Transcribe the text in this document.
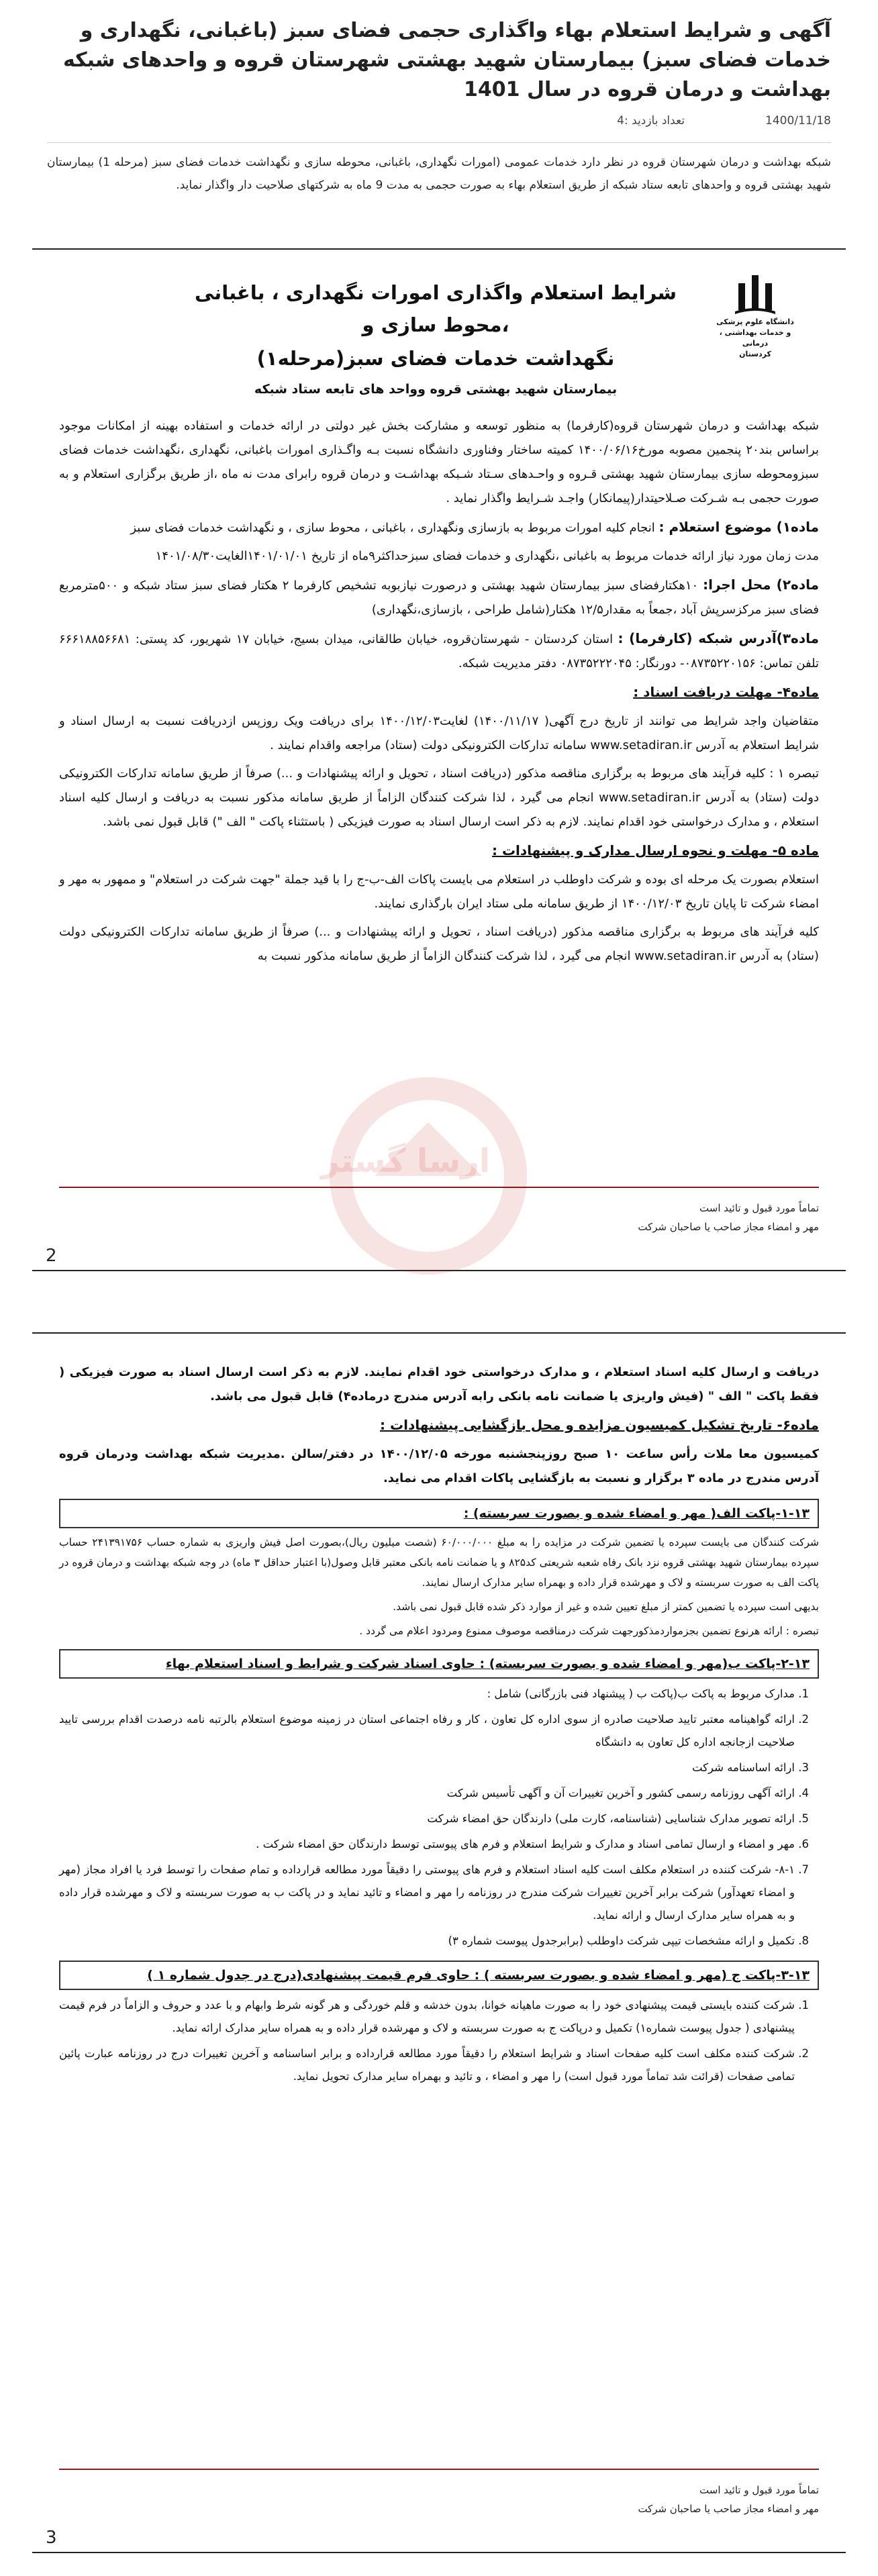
آگهی و شرایط استعلام بهاء واگذاری حجمی فضای سبز (باغبانی، نگهداری و خدمات فضای سبز) بیمارستان شهید بهشتی شهرستان قروه و واحدهای شبکه بهداشت و درمان قروه در سال 1401
1400/11/18
تعداد بازدید :4
شبکه بهداشت و درمان شهرستان قروه در نظر دارد خدمات عمومی (امورات نگهداری، باغبانی، محوطه سازی و نگهداشت خدمات فضای سبز (مرحله 1) بیمارستان شهید بهشتی قروه و واحدهای تابعه ستاد شبکه از طریق استعلام بهاء به صورت حجمی به مدت 9 ماه به شرکتهای صلاحیت دار واگذار نماید.
دانشگاه علوم پزشکی
و خدمات بهداشتی ، درمانی
کردستان
شرایط استعلام واگذاری امورات نگهداری ، باغبانی ،محوط سازی و
نگهداشت خدمات فضای سبز(مرحله۱)
بیمارستان شهید بهشتی قروه وواحد های تابعه ستاد شبکه
ارسا گستر

شبکه بهداشت و درمان شهرستان قروه(کارفرما) به منظور توسعه و مشارکت بخش غیر دولتی در ارائه خدمات و استفاده بهینه از امکانات موجود براساس بند۲۰ پنجمین مصوبه مورخ۱۴۰۰/۰۶/۱۶ کمیته ساختار وفناوری دانشگاه نسبت بـه واگـذاری امورات باغبانی، نگهداری ،نگهداشت خدمات فضای سبزومحوطه سازی بیمارستان شهید بهشتی قـروه و واحـدهای سـتاد شـبکه بهداشـت و درمان قروه رابرای مدت نه ماه ،از طریق برگزاری استعلام و به صورت حجمی بـه شـرکت صـلاحیتدار(پیمانکار) واجـد شـرایط واگذار نماید .

ماده۱) موضوع استعلام : انجام کلیه امورات مربوط به بازسازی ونگهداری ، باغبانی ، محوط سازی ، و نگهداشت خدمات فضای سبز

مدت زمان مورد نیاز ارائه خدمات مربوط به باغبانی ،نگهداری و خدمات فضای سبزحداکثر۹ماه از تاریخ ۱۴۰۱/۰۱/۰۱الغایت۱۴۰۱/۰۸/۳۰

ماده۲) محل اجرا: ۱۰هکتارفضای سبز بیمارستان شهید بهشتی و درصورت نیازبوبه تشخیص کارفرما ۲ هکتار فضای سبز ستاد شبکه و ۵۰۰مترمربع فضای سبز مرکزسرپش آباد ،جمعاً به مقدار۱۲/۵ هکتار(شامل طراحی ، بازسازی،نگهداری)

ماده۳)آدرس شبکه (کارفرما) : استان کردستان - شهرستان‌قروه، خیابان طالقانی، میدان بسیج، خیابان ۱۷ شهریور، کد پستی: ۶۶۶۱۸۸۵۶۶۸۱ تلفن تماس: ۰۸۷۳۵۲۲۰۱۵۶- دورنگار: ۰۸۷۳۵۲۲۲۰۴۵ دفتر مدیریت شبکه.

ماده۴- مهلت دریافت اسناد :

متقاضیان واجد شرایط می توانند از تاریخ درج آگهی( ۱۴۰۰/۱۱/۱۷) لغایت۱۴۰۰/۱۲/۰۳ برای دریافت ویک روزپس ازدریافت نسبت به ارسال اسناد و شرایط استعلام به آدرس www.setadiran.ir سامانه تدارکات الکترونیکی دولت (ستاد) مراجعه واقدام نمایند .

تبصره ۱ : کلیه فرآیند های مربوط به برگزاری مناقصه مذکور (دریافت اسناد ، تحویل و ارائه پیشنهادات و ...) صرفاً از طریق سامانه تدارکات الکترونیکی دولت (ستاد) به آدرس www.setadiran.ir انجام می گیرد ، لذا شرکت کنندگان الزاماً از طریق سامانه مذکور نسبت به دریافت و ارسال کلیه اسناد استعلام ، و مدارک درخواستی خود اقدام نمایند. لازم به ذکر است ارسال اسناد به صورت فیزیکی ( باستثناء پاکت " الف ") قابل قبول نمی باشد.

ماده ۵- مهلت و نحوه ارسال مدارک و پیشنهادات :

استعلام بصورت یک مرحله ای بوده و شرکت داوطلب در استعلام می بایست پاکات الف-ب-ج را با قید جملة "جهت شرکت در استعلام" و ممهور به مهر و امضاء شرکت تا پایان تاریخ ۱۴۰۰/۱۲/۰۳ از طریق سامانه ملی ستاد ایران بارگذاری نمایند.

کلیه فرآیند های مربوط به برگزاری مناقصه مذکور (دریافت اسناد ، تحویل و ارائه پیشنهادات و ...) صرفاً از طریق سامانه تدارکات الکترونیکی دولت (ستاد) به آدرس www.setadiran.ir انجام می گیرد ، لذا شرکت کنندگان الزاماً از طریق سامانه مذکور نسبت به

تماماً مورد قبول و تائید است
مهر و امضاء مجاز صاحب یا صاحبان شرکت
2

دریافت و ارسال کلیه اسناد استعلام ، و مدارک درخواستی خود اقدام نمایند. لازم به ذکر است ارسال اسناد به صورت فیزیکی ( فقط پاکت " الف " (فیش واریزی یا ضمانت نامه بانکی رابه آدرس مندرج درماده۴) قابل قبول می باشد.

ماده۶- تاریخ تشکیل کمیسیون مزایده و محل بازگشایی پیشنهادات :

کمیسیون معا ملات رأس ساعت ۱۰ صبح روزپنجشنبه مورخه ۱۴۰۰/۱۲/۰۵ در دفتر/سالن .مدیریت شبکه بهداشت ودرمان قروه آدرس مندرج در ماده ۳ برگزار و نسبت به بازگشایی پاکات اقدام می نماید.

۱-۱۳-پاکت الف( مهر و امضاء شده و بصورت سربسته) :

شرکت کنندگان می بایست سپرده یا تضمین شرکت در مزایده را به مبلغ ۶۰/۰۰۰/۰۰۰ (شصت میلیون ریال)،بصورت اصل فیش واریزی به شماره حساب ۲۴۱۳۹۱۷۵۶ حساب سپرده بیمارستان شهید بهشتی قروه نزد بانک رفاه شعبه شریعتی کد۸۲۵ و یا ضمانت نامه بانکی معتبر قابل وصول(با اعتبار حداقل ۳ ماه) در وجه شبکه بهداشت و درمان قروه در پاکت الف به صورت سربسته و لاک و مهرشده قرار داده و بهمراه سایر مدارک ارسال نمایند.

بدیهی است سپرده یا تضمین کمتر از مبلغ تعیین شده و غیر از موارد ذکر شده قابل قبول نمی باشد.

تبصره : ارائه هرنوع تضمین بجزمواردمذکورجهت شرکت درمناقصه موصوف ممنوع ومردود اعلام می گردد .

۲-۱۳-پاکت ب(مهر و امضاء شده و بصورت سربسته) : حاوی اسناد شرکت و شرایط و اسناد استعلام بهاء
1. مدارک مربوط به پاکت ب(پاکت ب ( پیشنهاد فنی بازرگانی) شامل :
2. ارائه گواهینامه معتبر تایید صلاحیت صادره از سوی اداره کل تعاون ، کار و رفاه اجتماعی استان در زمینه موضوع استعلام بالرتبه نامه درصدت اقدام بررسی تایید صلاحیت ازجانجه اداره کل تعاون به دانشگاه
3. ارائه اساسنامه شرکت
4. ارائه آگهی روزنامه رسمی کشور و آخرین تغییرات آن و آگهی تأسیس شرکت
5. ارائه تصویر مدارک شناسایی (شناسنامه، کارت ملی) دارندگان حق امضاء شرکت
6. مهر و امضاء و ارسال تمامی اسناد و مدارک و شرایط استعلام و فرم های پیوستی توسط دارندگان حق امضاء شرکت .
7. ۸-۱- شرکت کننده در استعلام مکلف است کلیه اسناد استعلام و فرم های پیوستی را دقیقاً مورد مطالعه قرارداده و تمام صفحات را توسط فرد یا افراد مجاز (مهر و امضاء تعهدآور) شرکت برابر آخرین تغییرات شرکت مندرج در روزنامه را مهر و امضاء و تائید نماید و در پاکت ب به صورت سربسته و لاک و مهرشده قرار داده و به همراه سایر مدارک ارسال و ارائه نماید.
8. تکمیل و ارائه مشخصات تیپی شرکت داوطلب (برابرجدول پیوست شماره ۳)
۳-۱۳-پاکت ج (مهر و امضاء شده و بصورت سربسته ) : حاوی فرم قیمت پیشنهادی(درج در جدول شماره ۱ )
1. شرکت کننده بایستی قیمت پیشنهادی خود را به صورت ماهیانه خوانا، بدون خدشه و قلم خوردگی و هر گونه شرط وابهام و با عدد و حروف و الزاماً در فرم قیمت پیشنهادی ( جدول پیوست شماره۱) تکمیل و درپاکت ج به صورت سربسته و لاک و مهرشده قرار داده و به همراه سایر مدارک ارائه نماید.
2. شرکت کننده مکلف است کلیه صفحات اسناد و شرایط استعلام را دقیقاً مورد مطالعه قرارداده و برابر اساسنامه و آخرین تغییرات درج در روزنامه عبارت پائین تمامی صفحات (قرائت شد تماماً مورد قبول است) را مهر و امضاء ، و تائید و بهمراه سایر مدارک تحویل نماید.
تماماً مورد قبول و تائید است
مهر و امضاء مجاز صاحب یا صاحبان شرکت
3
